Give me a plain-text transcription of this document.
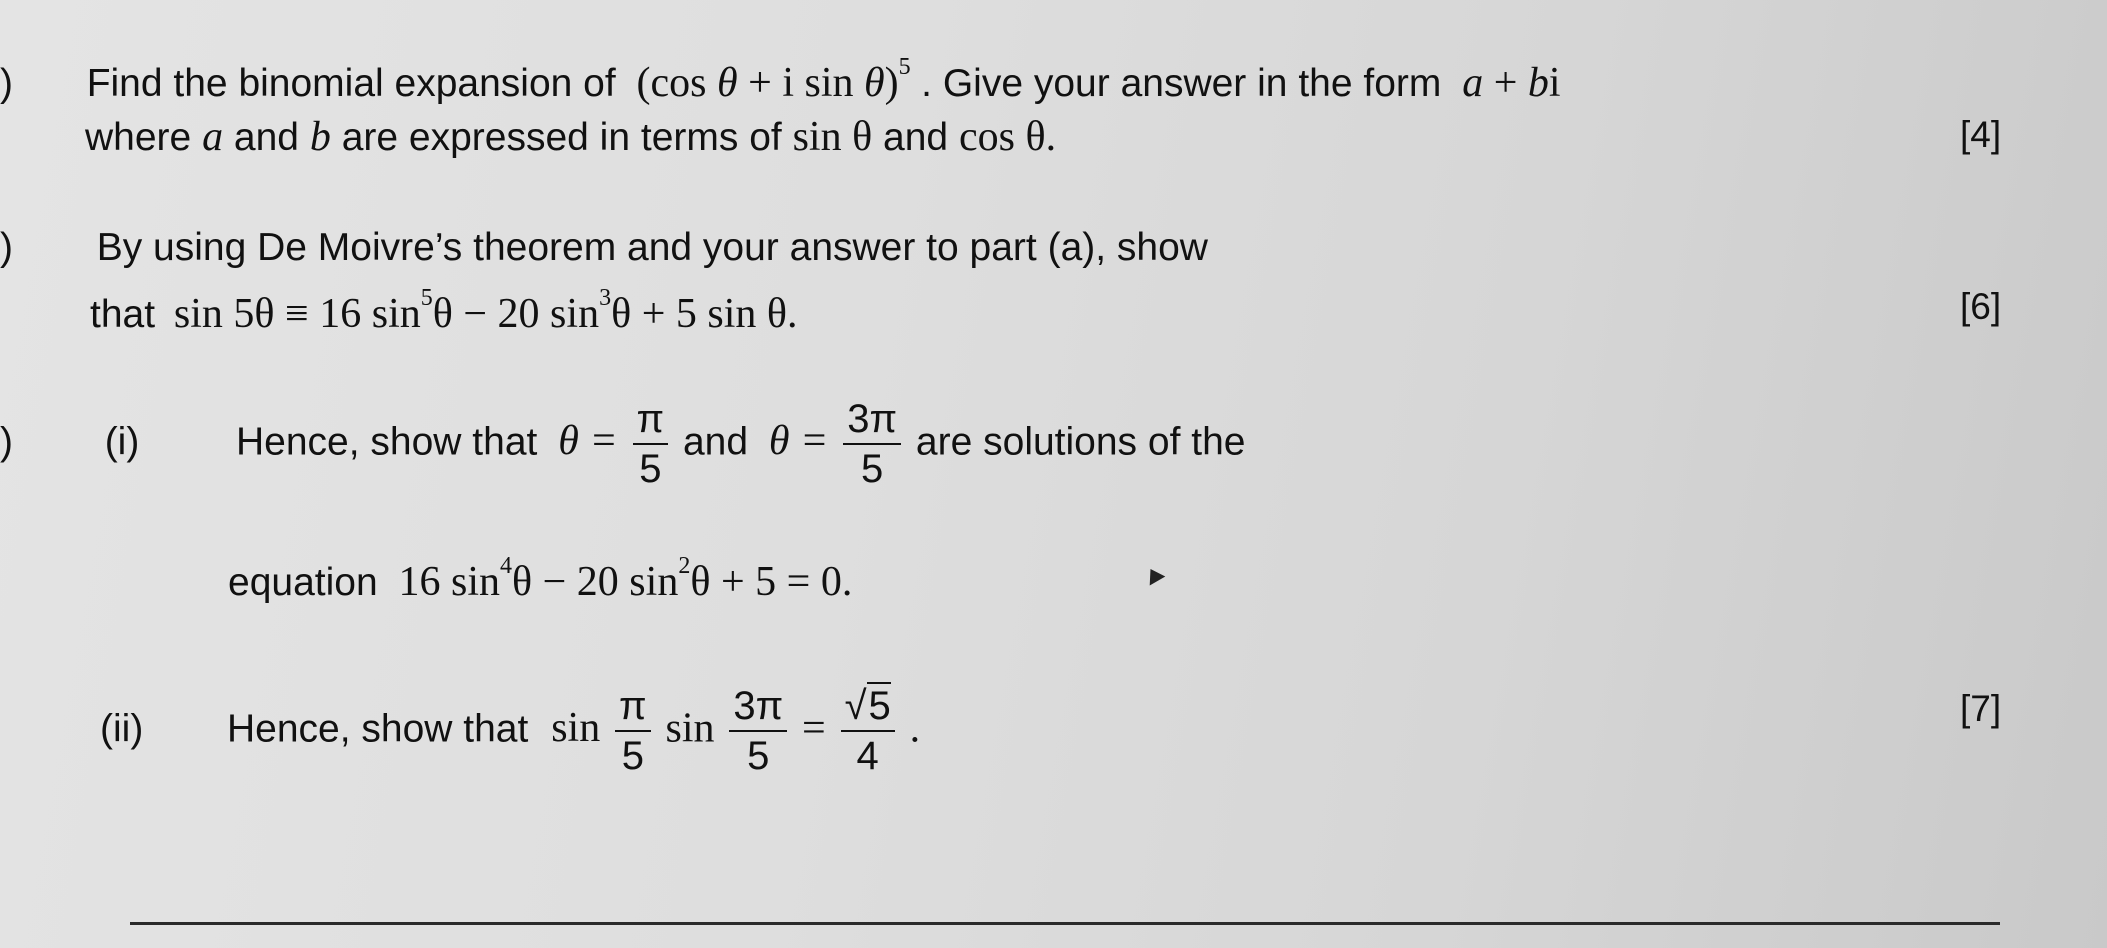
) Find the binomial expansion of (cos θ + i sin θ)$^5$ . Give your answer in the form a + bi
where a and b are expressed in terms of sin θ and cos θ.	[4]
) By using De Moivre’s theorem and your answer to part (a), show
that sin 5θ ≡ 16 $\sin^5\theta - 20$ $\sin^3\theta + 5$ sin θ.	[6]
) (i) Hence, show that $\theta = \frac{\pi}{5}$ and $\theta = \frac{3\pi}{5}$ are solutions of the
equation 16 $\sin^4\theta - 20$ $\sin^2\theta + 5 = 0$.
(ii) Hence, show that $\sin \frac{\pi}{5}$ $\sin \frac{3\pi}{5} = \frac{√5}{4}$ .	[7]
